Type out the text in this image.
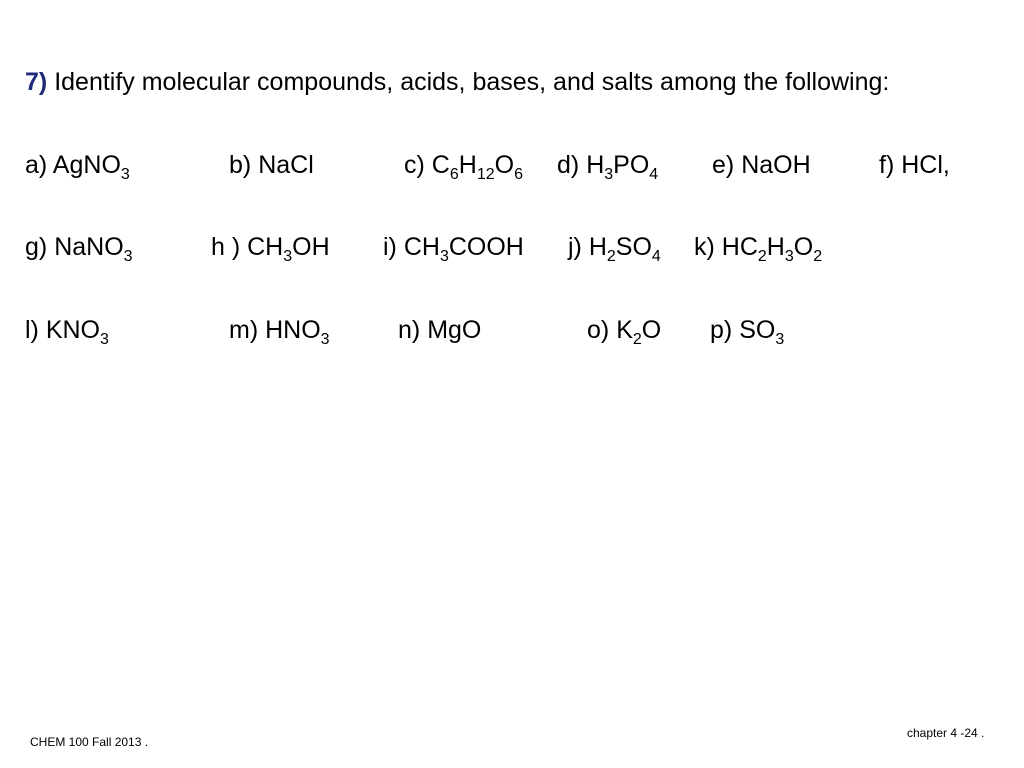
7) Identify molecular compounds, acids, bases, and salts among the following:
a) AgNO$_3$	b) NaCl	c) $C_6H_{12}O_6$ d) $H_3PO_4$ e) NaOH	f) HCl,
g) NaNO$_3$	h ) $CH_3OH$ i) $CH_3COOH$ j) $H_2SO_4$ k) $HC_2H_3O_2$
l) $KNO_3$	m) $HNO_3$	n) MgO	o) $K_2O$ p) $SO_3$
CHEM 100 Fall 2013 .
chapter 4 -24 .
